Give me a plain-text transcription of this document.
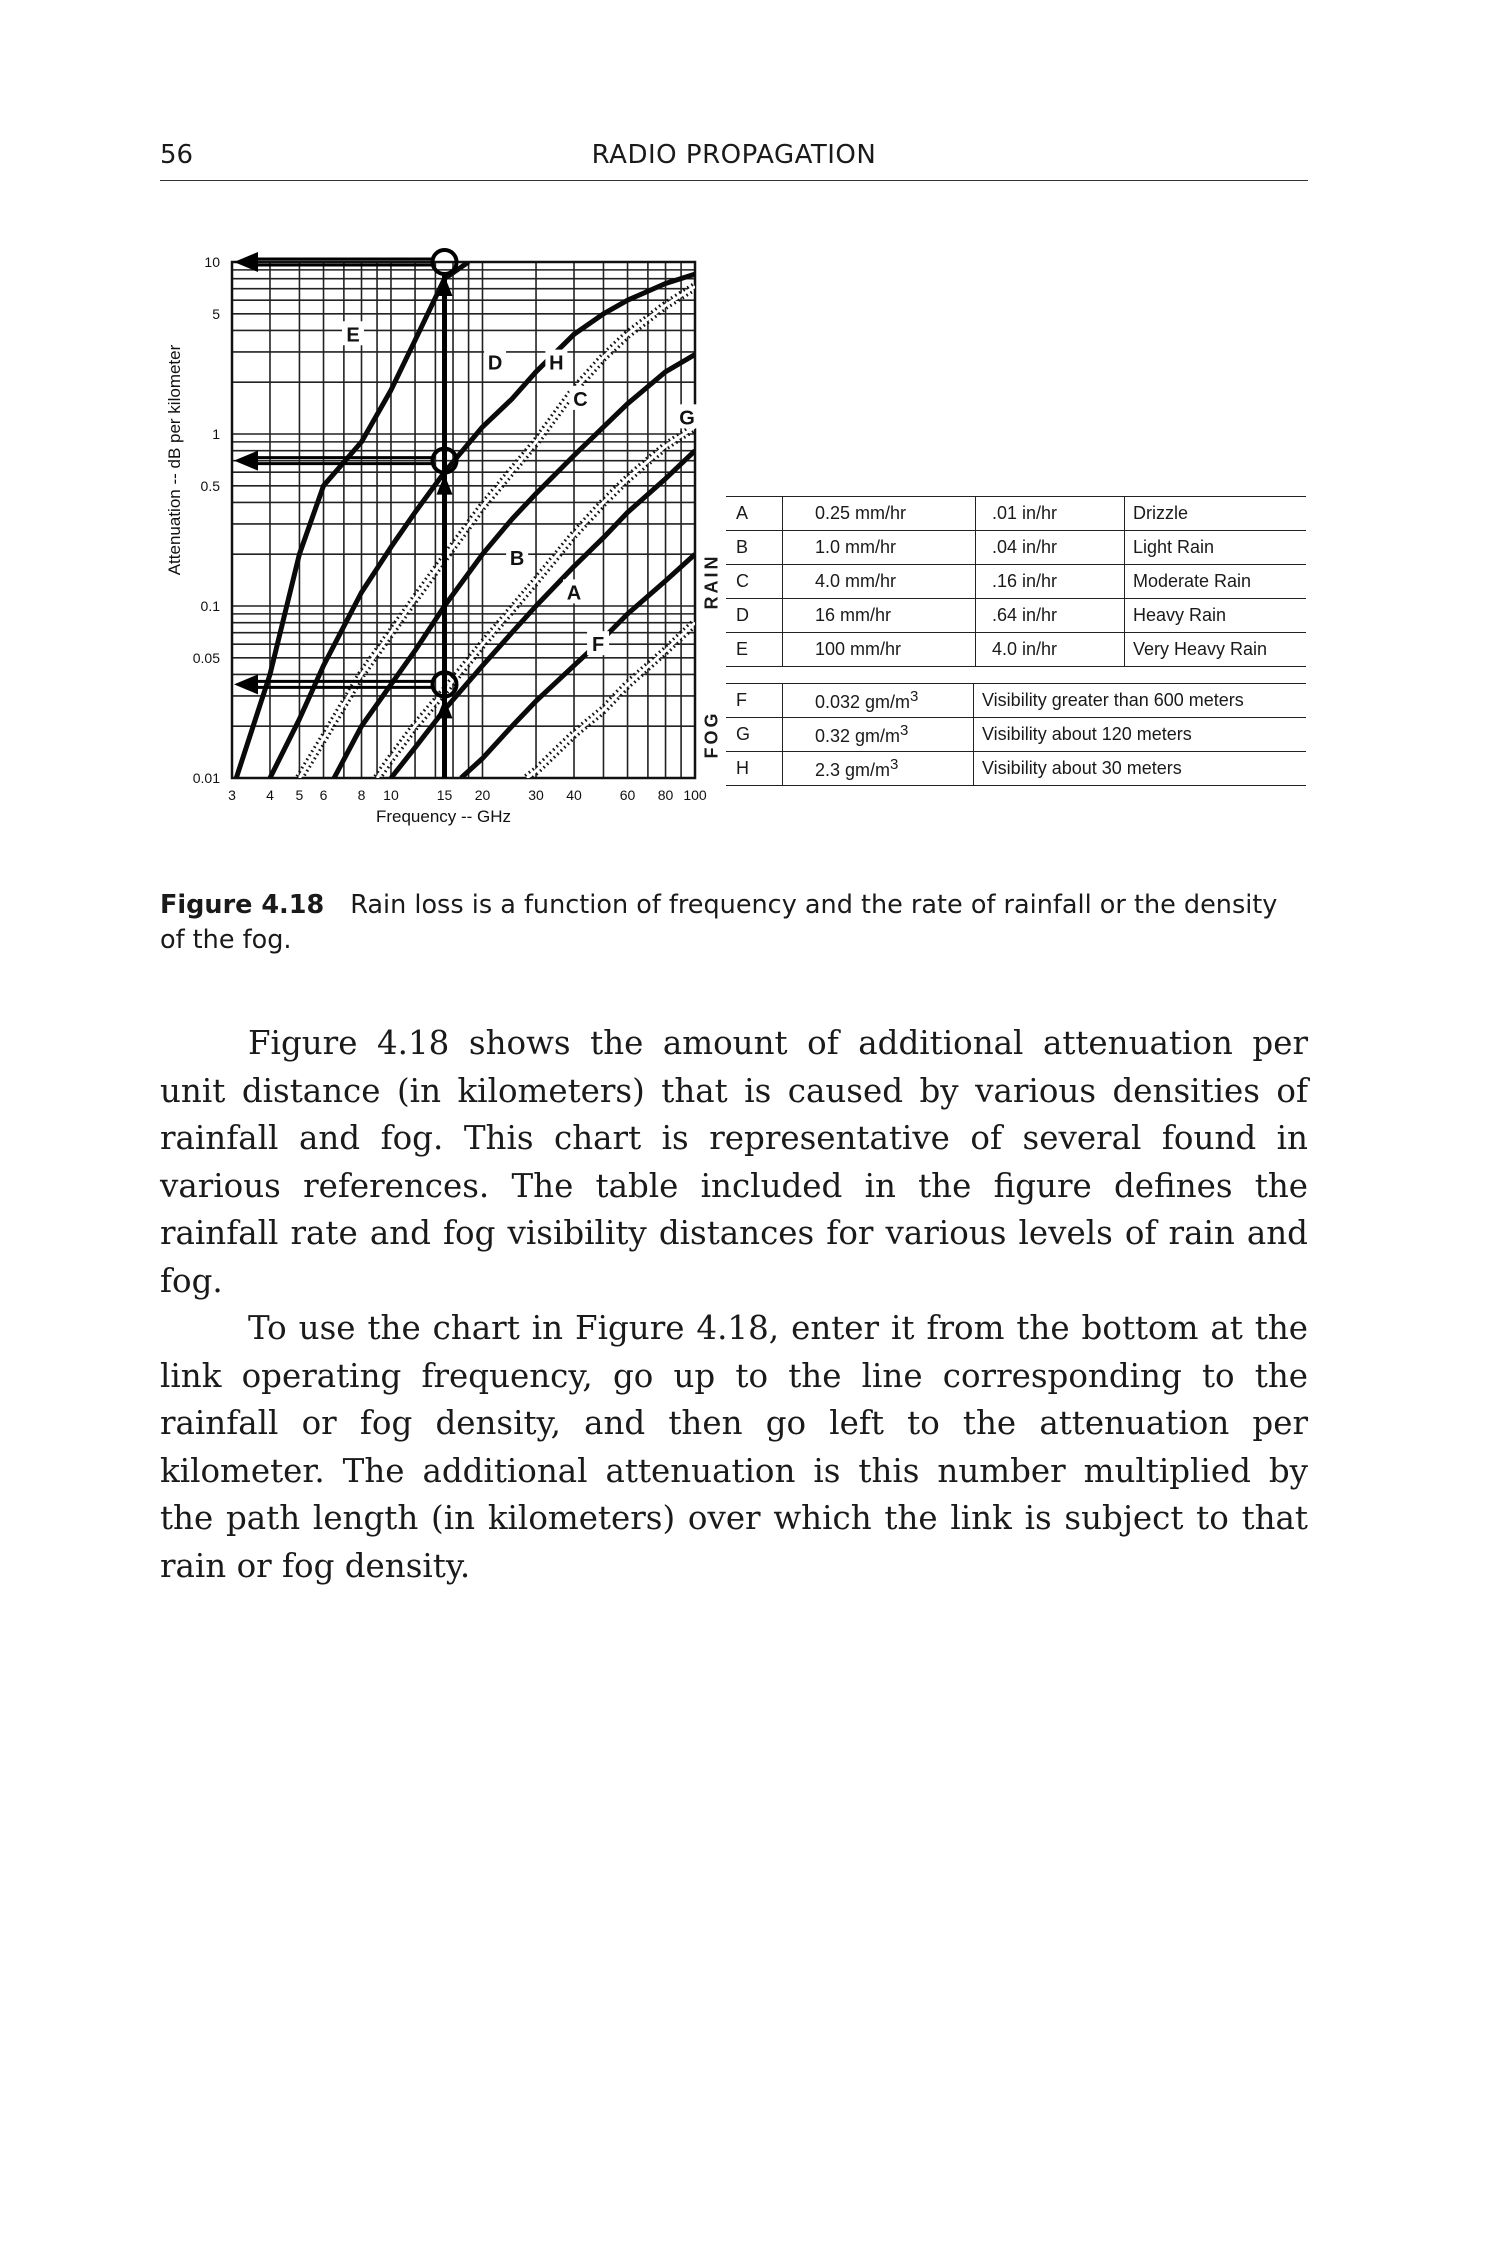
56	RADIO PROPAGATION
E
D H
C
G
B
A
F
0.01
0.05
0.1
0.5
1
5
10
3 4 5 6 8 10	15 20	30 40	60 80 100
Frequency -- GHz
Attenuation -- dB per kilometer
RAIN
A	0.25 mm/hr	.01 in/hr	Drizzle
B	1.0 mm/hr	.04 in/hr	Light Rain
C	4.0 mm/hr	.16 in/hr	Moderate Rain
D	16 mm/hr	.64 in/hr	Heavy Rain
E	100 mm/hr	4.0 in/hr	Very Heavy Rain
FOG
F	0.032 $gm/m^3$	Visibility greater than 600 meters
G	0.32 $gm/m^3$	Visibility about 120 meters
H	2.3 $gm/m^3$	Visibility about 30 meters
Figure 4.18 Rain loss is a function of frequency and the rate of rainfall or the density of the fog.

Figure 4.18 shows the amount of additional attenuation per unit distance (in kilometers) that is caused by various densities of rainfall and fog. This chart is representative of several found in various references. The table included in the figure defines the rainfall rate and fog visibility distances for various levels of rain and fog.

To use the chart in Figure 4.18, enter it from the bottom at the link operating frequency, go up to the line corresponding to the rainfall or fog density, and then go left to the attenuation per kilometer. The additional attenuation is this number multiplied by the path length (in kilometers) over which the link is subject to that rain or fog density.
